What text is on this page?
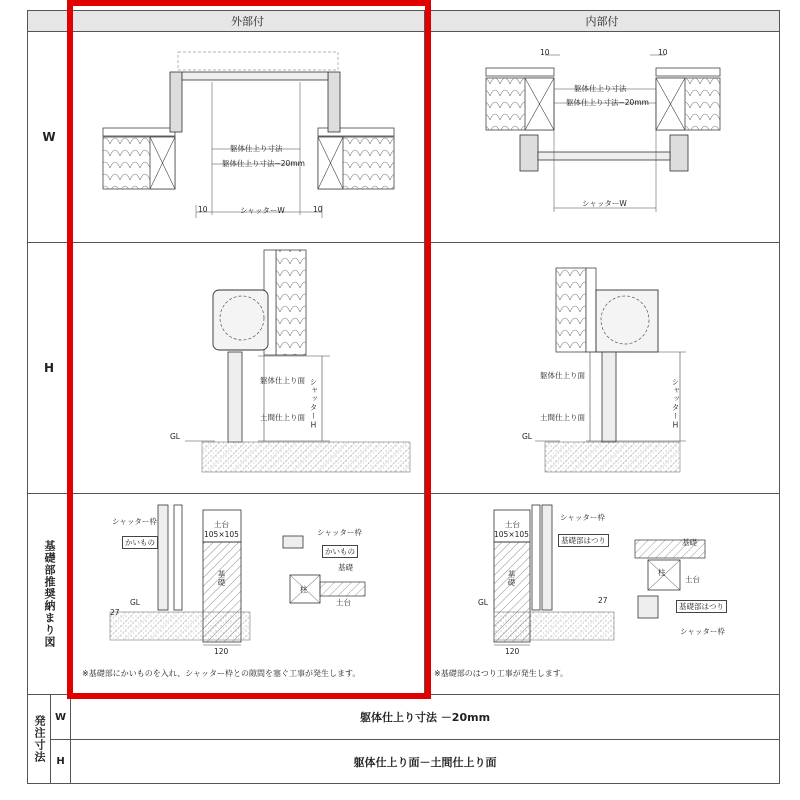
外部付	内部付
W
H
基礎部推奨納まり図
発注寸法 W	躯体仕上り寸法 －20mm
H	躯体仕上り面－土間仕上り面
躯体仕上り寸法
躯体仕上り寸法−20mm
シャッターW
10	10
10	10
躯体仕上り寸法
躯体仕上り寸法−20mm
シャッターW
躯体仕上り面
土間仕上り面
GL
シャッターH
躯体仕上り面
土間仕上り面
GL
シャッターH
シャッター枠
かいもの
土台
105×105
基礎
GL
27
120
シャッター枠
かいもの
基礎
柱
土台
※基礎部にかいものを入れ、シャッター枠との隙間を塞ぐ工事が発生します。
土台
105×105
基礎
シャッター枠
基礎部はつり
GL	27
120
基礎
柱
土台
基礎部はつり
シャッター枠
※基礎部のはつり工事が発生します。
